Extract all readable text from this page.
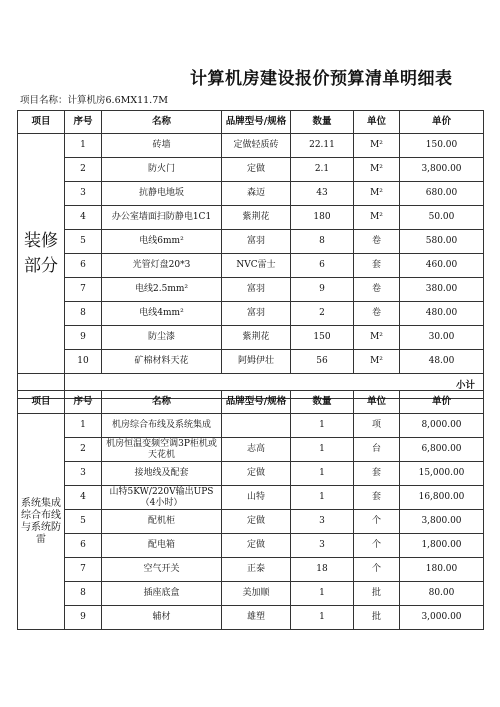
计算机房建设报价预算清单明细表
项目名称：计算机房6.6MX11.7M
项目	序号	名称	品牌型号/规格	数量	单位	单价
装修部分	1	砖墙	定做轻质砖	22.11	M²	150.00
	2	防火门	定做	2.1	M²	3,800.00
	3	抗静电地坂	森迈	43	M²	680.00
	4	办公室墙面扫防静电1C1	紫荆花	180	M²	50.00
	5	电线6mm²	富羽	8	卷	580.00
	6	光管灯盘20*3	NVC雷士	6	套	460.00
	7	电线2.5mm²	富羽	9	卷	380.00
	8	电线4mm²	富羽	2	卷	480.00
	9	防尘漆	紫荆花	150	M²	30.00
	10	矿棉材料天花	阿姆伊壮	56	M²	48.00
						小计
项目	序号	名称	品牌型号/规格	数量	单位	单价
系统集成综合布线与系统防雷	1	机房综合布线及系统集成		1	项	8,000.00
	2	机房恒温变频空调3P柜机或天花机	志高	1	台	6,800.00
	3	接地线及配套	定做	1	套	15,000.00
	4	山特5KW/220V输出UPS（4小时）	山特	1	套	16,800.00
	5	配机柜	定做	3	个	3,800.00
	6	配电箱	定做	3	个	1,800.00
	7	空气开关	正泰	18	个	180.00
	8	插座底盒	美加顺	1	批	80.00
	9	辅材	雄塑	1	批	3,000.00
